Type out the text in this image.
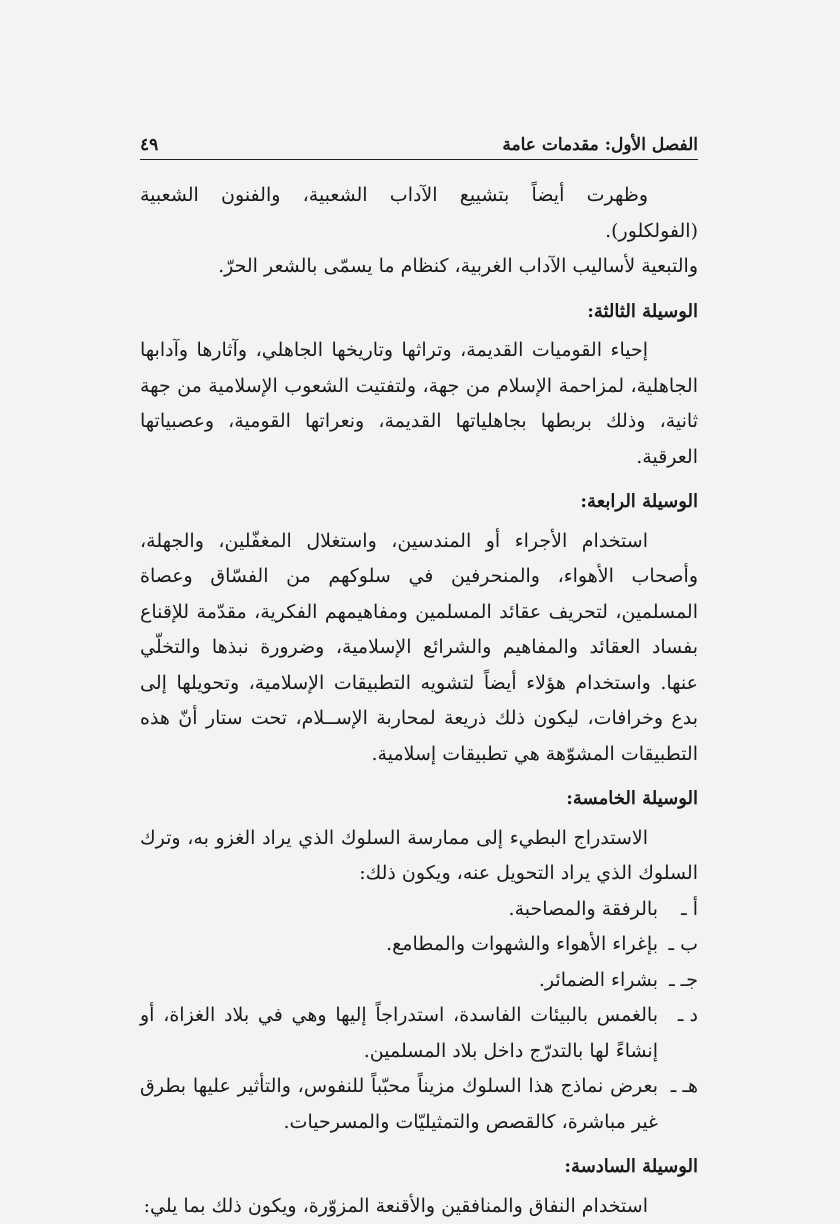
الفصل الأول: مقدمات عامة
٤٩

وظهرت أيضاً بتشييع الآداب الشعبية، والفنون الشعبية (الفولكلور).

والتبعية لأساليب الآداب الغربية، كنظام ما يسمّى بالشعر الحرّ.

الوسيلة الثالثة:

إحياء القوميات القديمة، وتراثها وتاريخها الجاهلي، وآثارها وآدابها الجاهلية، لمزاحمة الإسلام من جهة، ولتفتيت الشعوب الإسلامية من جهة ثانية، وذلك بربطها بجاهلياتها القديمة، ونعراتها القومية، وعصبياتها العرقية.

الوسيلة الرابعة:

استخدام الأجراء أو المندسين، واستغلال المغفّلين، والجهلة، وأصحاب الأهواء، والمنحرفين في سلوكهم من الفسّاق وعصاة المسلمين، لتحريف عقائد المسلمين ومفاهيمهم الفكرية، مقدّمة للإقناع بفساد العقائد والمفاهيم والشرائع الإسلامية، وضرورة نبذها والتخلّي عنها. واستخدام هؤلاء أيضاً لتشويه التطبيقات الإسلامية، وتحويلها إلى بدع وخرافات، ليكون ذلك ذريعة لمحاربة الإســلام، تحت ستار أنّ هذه التطبيقات المشوّهة هي تطبيقات إسلامية.

الوسيلة الخامسة:

الاستدراج البطيء إلى ممارسة السلوك الذي يراد الغزو به، وترك السلوك الذي يراد التحويل عنه، ويكون ذلك:

أ ـ
بالرفقة والمصاحبة.
ب ـ
بإغراء الأهواء والشهوات والمطامع.
جـ ـ
بشراء الضمائر.
د ـ
بالغمس بالبيئات الفاسدة، استدراجاً إليها وهي في بلاد الغزاة، أو إنشاءً لها بالتدرّج داخل بلاد المسلمين.
هـ ـ
بعرض نماذج هذا السلوك مزيناً محبّباً للنفوس، والتأثير عليها بطرق غير مباشرة، كالقصص والتمثيليّات والمسرحيات.

الوسيلة السادسة:

استخدام النفاق والمنافقين والأقنعة المزوّرة، ويكون ذلك بما يلي:
